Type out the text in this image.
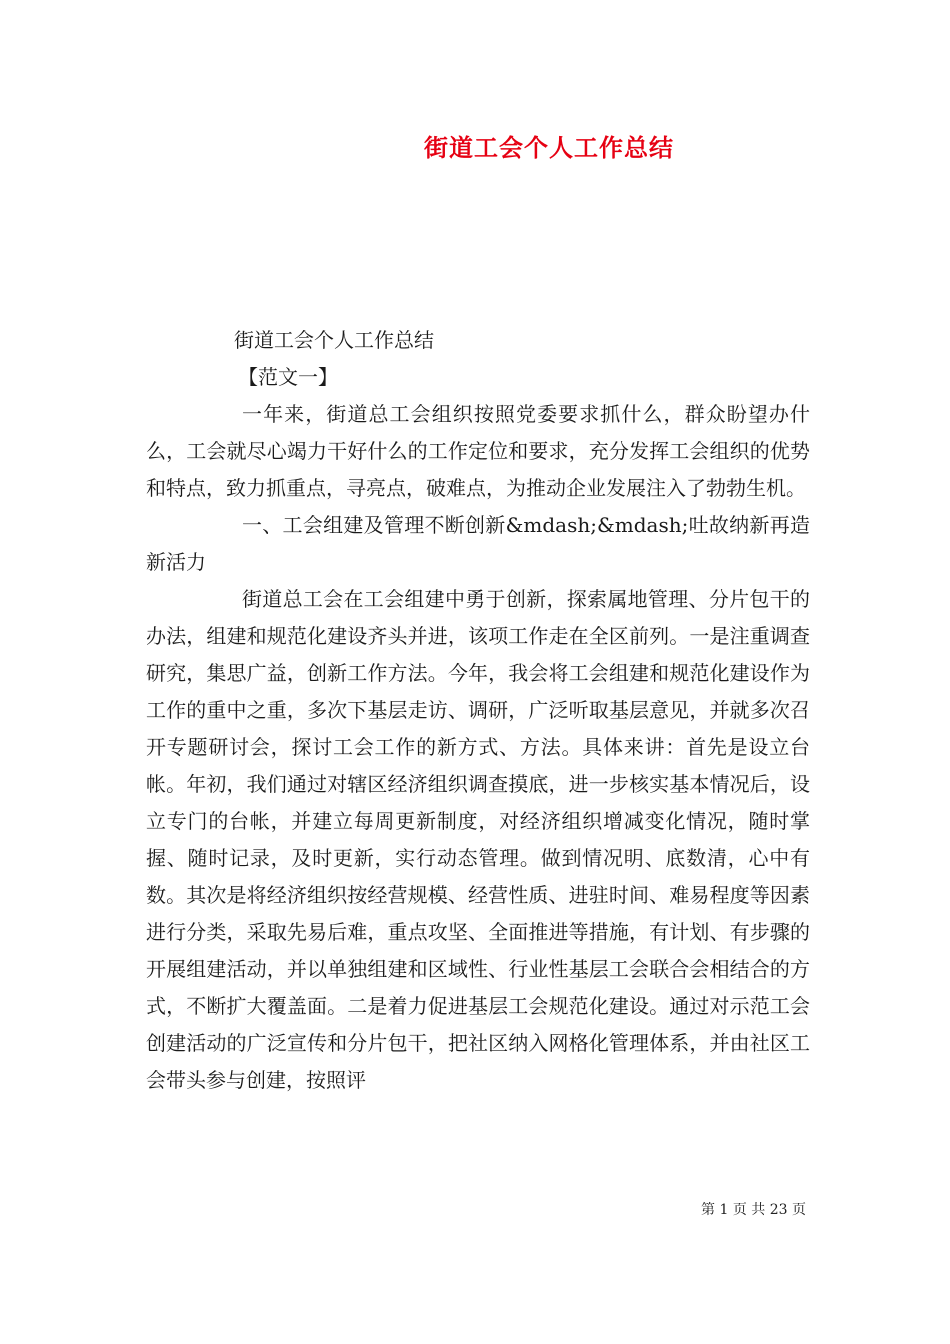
街道工会个人工作总结

街道工会个人工作总结

【范文一】

一年来，街道总工会组织按照党委要求抓什么，群众盼望办什么，工会就尽心竭力干好什么的工作定位和要求，充分发挥工会组织的优势和特点，致力抓重点，寻亮点，破难点，为推动企业发展注入了勃勃生机。

一、工会组建及管理不断创新&mdash;&mdash;吐故纳新再造新活力

街道总工会在工会组建中勇于创新，探索属地管理、分片包干的办法，组建和规范化建设齐头并进，该项工作走在全区前列。一是注重调查研究，集思广益，创新工作方法。今年，我会将工会组建和规范化建设作为工作的重中之重，多次下基层走访、调研，广泛听取基层意见，并就多次召开专题研讨会，探讨工会工作的新方式、方法。具体来讲：首先是设立台帐。年初，我们通过对辖区经济组织调查摸底，进一步核实基本情况后，设立专门的台帐，并建立每周更新制度，对经济组织增减变化情况，随时掌握、随时记录，及时更新，实行动态管理。做到情况明、底数清，心中有数。其次是将经济组织按经营规模、经营性质、进驻时间、难易程度等因素进行分类，采取先易后难，重点攻坚、全面推进等措施，有计划、有步骤的开展组建活动，并以单独组建和区域性、行业性基层工会联合会相结合的方式，不断扩大覆盖面。二是着力促进基层工会规范化建设。通过对示范工会创建活动的广泛宣传和分片包干，把社区纳入网格化管理体系，并由社区工会带头参与创建，按照评

第 1 页 共 23 页
